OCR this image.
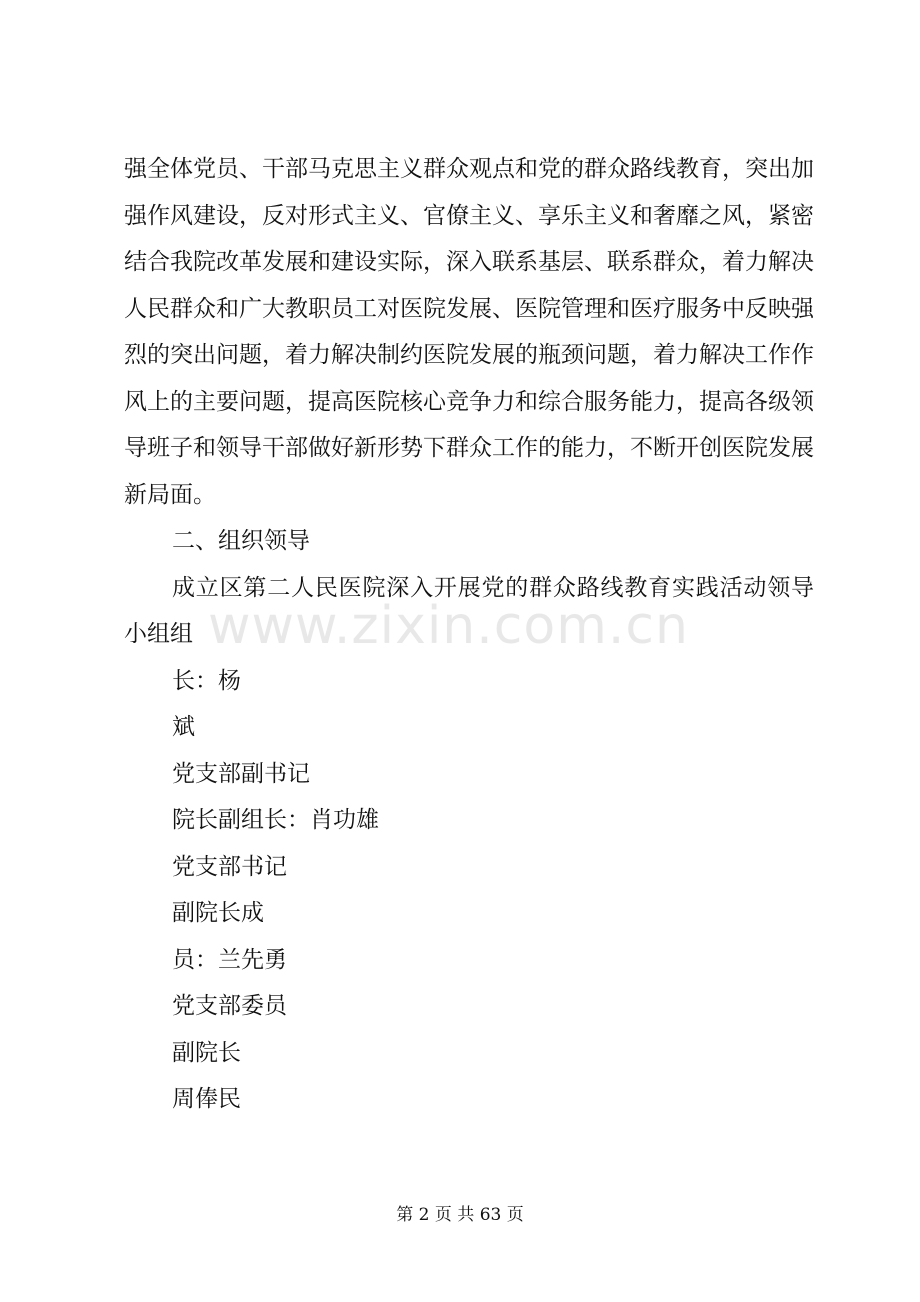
www.zixin.com.cn

强全体党员、干部马克思主义群众观点和党的群众路线教育，突出加强作风建设，反对形式主义、官僚主义、享乐主义和奢靡之风，紧密结合我院改革发展和建设实际，深入联系基层、联系群众，着力解决人民群众和广大教职员工对医院发展、医院管理和医疗服务中反映强烈的突出问题，着力解决制约医院发展的瓶颈问题，着力解决工作作风上的主要问题，提高医院核心竞争力和综合服务能力，提高各级领导班子和领导干部做好新形势下群众工作的能力，不断开创医院发展新局面。

二、组织领导

成立区第二人民医院深入开展党的群众路线教育实践活动领导小组组

长：杨

斌

党支部副书记

院长副组长：肖功雄

党支部书记

副院长成

员：兰先勇

党支部委员

副院长

周俸民

第 2 页 共 63 页
